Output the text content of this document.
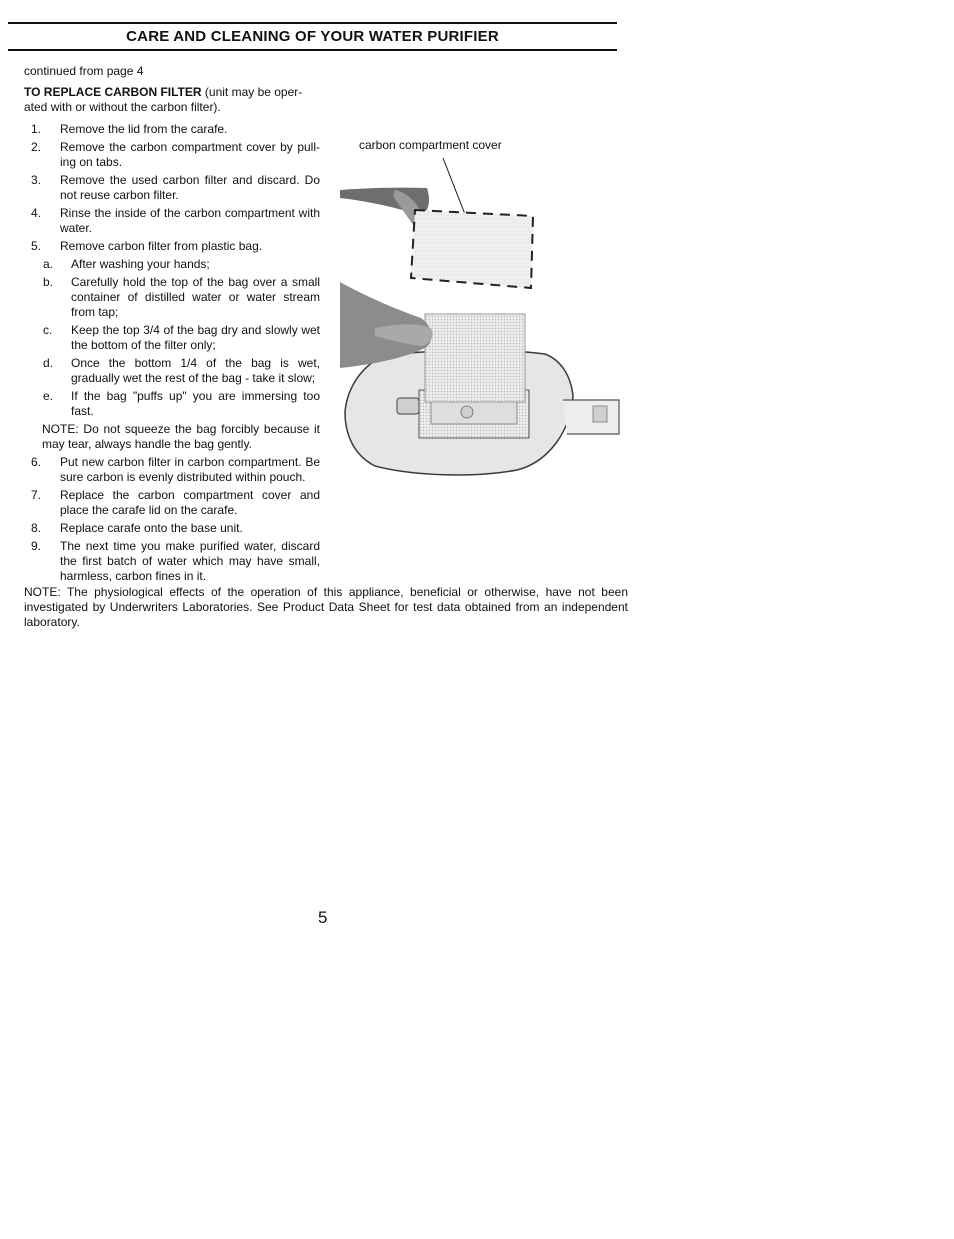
CARE AND CLEANING OF YOUR WATER PURIFIER
continued from page 4
TO REPLACE CARBON FILTER (unit may be oper-ated with or without the carbon filter).
1. Remove the lid from the carafe.
2. Remove the carbon compartment cover by pull-ing on tabs.
3. Remove the used carbon filter and discard. Do not reuse carbon filter.
4. Rinse the inside of the carbon compartment with water.
5. Remove carbon filter from plastic bag.
a. After washing your hands;
b. Carefully hold the top of the bag over a small container of distilled water or water stream from tap;
c. Keep the top 3/4 of the bag dry and slowly wet the bottom of the filter only;
d. Once the bottom 1/4 of the bag is wet, gradually wet the rest of the bag - take it slow;
e. If the bag "puffs up" you are immersing too fast.
NOTE: Do not squeeze the bag forcibly because it may tear, always handle the bag gently.
6. Put new carbon filter in carbon compartment. Be sure carbon is evenly distributed within pouch.
7. Replace the carbon compartment cover and place the carafe lid on the carafe.
8. Replace carafe onto the base unit.
9. The next time you make purified water, discard the first batch of water which may have small, harmless, carbon fines in it.
carbon compartment cover
NOTE: The physiological effects of the operation of this appliance, beneficial or otherwise, have not been investigated by Underwriters Laboratories. See Product Data Sheet for test data obtained from an independent laboratory.
5
